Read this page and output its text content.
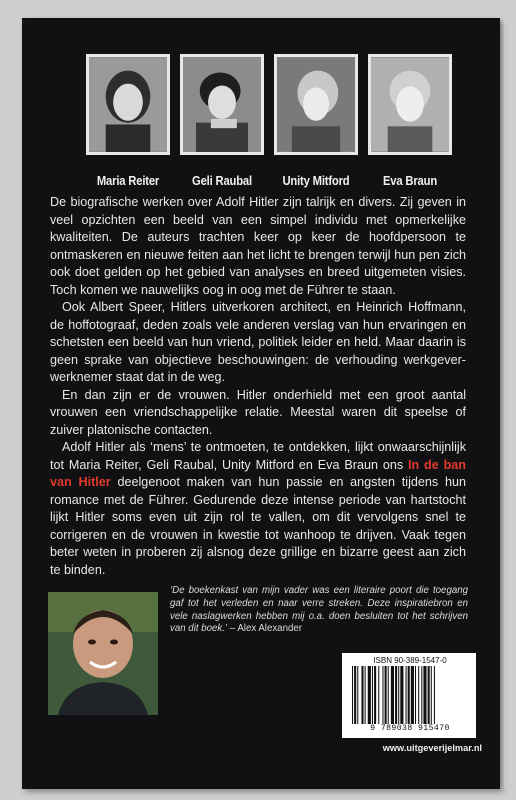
Maria Reiter	Geli Raubal	Unity Mitford	Eva Braun

De biografische werken over Adolf Hitler zijn talrijk en divers. Zij geven in veel opzichten een beeld van een simpel individu met opmerkelijke kwaliteiten. De auteurs trachten keer op keer de hoofdpersoon te ontmaskeren en nieuwe feiten aan het licht te brengen terwijl hun pen zich ook doet gelden op het gebied van analyses en breed uitgemeten visies. Toch komen we nauwelijks oog in oog met de Führer te staan.

Ook Albert Speer, Hitlers uitverkoren architect, en Heinrich Hoffmann, de hoffotograaf, deden zoals vele anderen verslag van hun ervaringen en schetsten een beeld van hun vriend, politiek leider en held. Maar daarin is geen sprake van objectieve beschouwingen: de verhouding werkgever-werknemer staat dat in de weg.

En dan zijn er de vrouwen. Hitler onderhield met een groot aantal vrouwen een vriendschappelijke relatie. Meestal waren dit speelse of zuiver platonische contacten.

Adolf Hitler als ‘mens’ te ontmoeten, te ontdekken, lijkt onwaarschijnlijk tot Maria Reiter, Geli Raubal, Unity Mitford en Eva Braun ons In de ban van Hitler deelgenoot maken van hun passie en angsten tijdens hun romance met de Führer. Gedurende deze intense periode van hartstocht lijkt Hitler soms even uit zijn rol te vallen, om dit vervolgens snel te corrigeren en de vrouwen in kwestie tot wanhoop te drijven. Vaak tegen beter weten in proberen zij alsnog deze grillige en bizarre geest aan zich te binden.

‘De boekenkast van mijn vader was een literaire poort die toegang gaf tot het verleden en naar verre streken. Deze inspiratiebron en vele naslagwerken hebben mij o.a. doen besluiten tot het schrijven van dit boek.’ – Alex Alexander
ISBN 90-389-1547-0
9 789038 915470
www.uitgeverijelmar.nl
